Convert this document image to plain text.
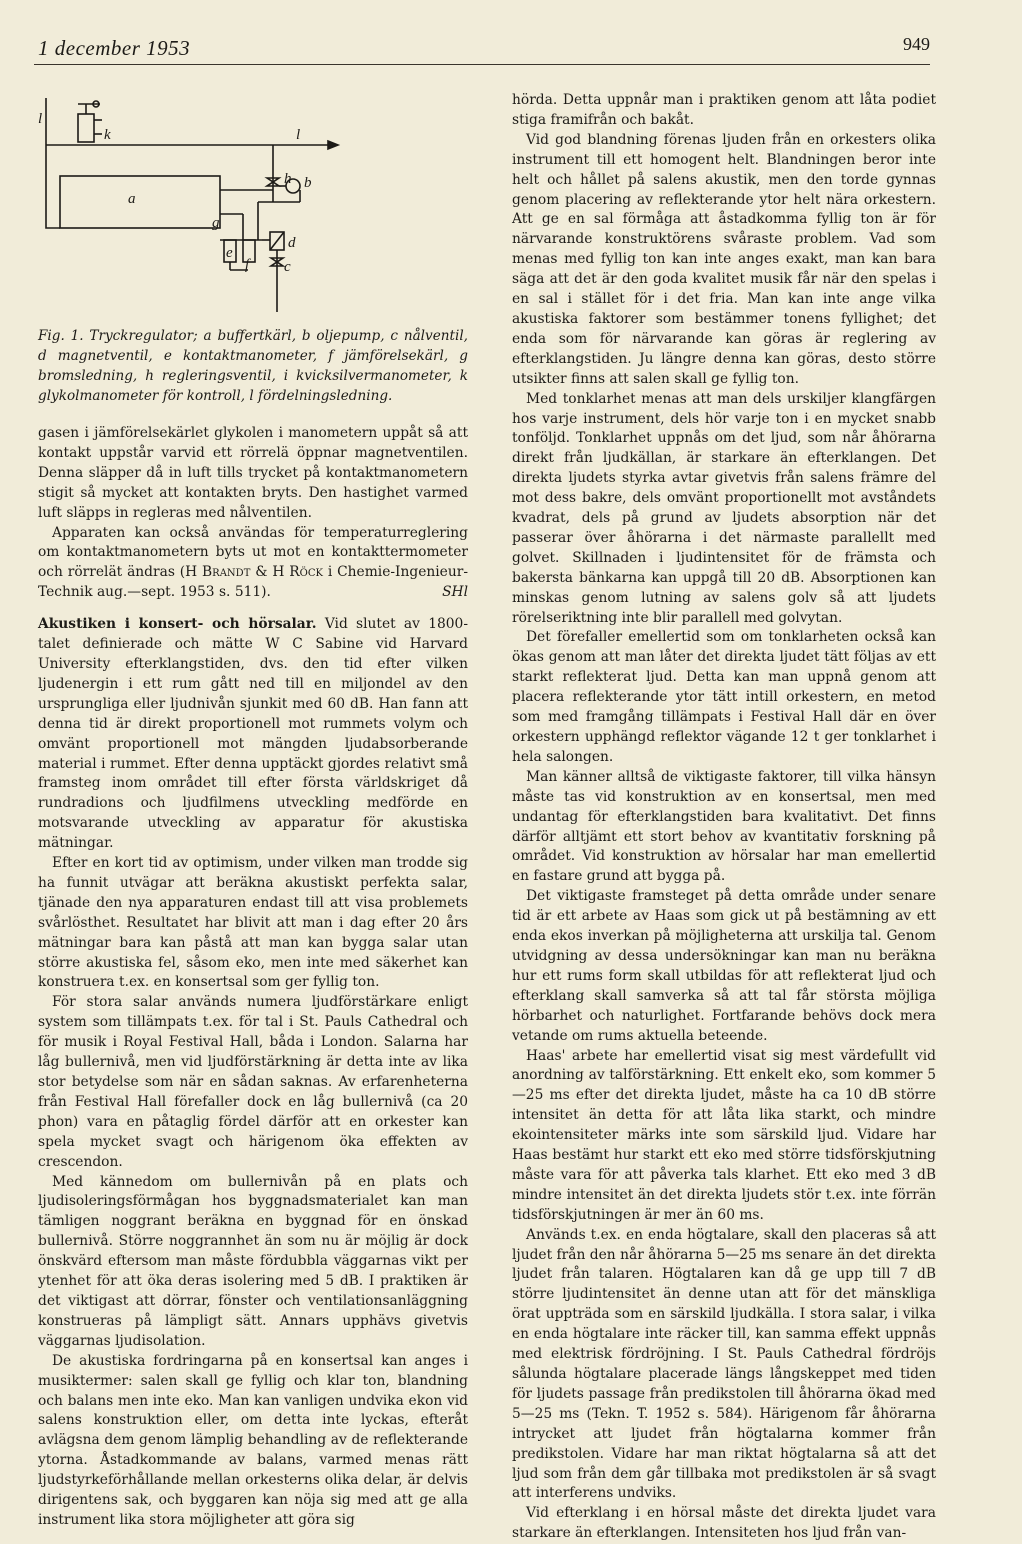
1 december 1953	949
l
k	l
a
h b
g
e
f
d
c

Fig. 1. Tryckregulator; a buffertkärl, b oljepump, c nålventil, d magnetventil, e kontaktmanometer, f jämförelsekärl, g bromsledning, h regleringsventil, i kvicksilvermanometer, k glykolmanometer för kontroll, l fördelningsledning.

gasen i jämförelsekärlet glykolen i manometern uppåt så att kontakt uppstår varvid ett rörrelä öppnar magnetventilen. Denna släpper då in luft tills trycket på kontaktmanometern stigit så mycket att kontakten bryts. Den hastighet varmed luft släpps in regleras med nålventilen.

Apparaten kan också användas för temperaturreglering om kontaktmanometern byts ut mot en kontakttermometer och rörrelät ändras (H Brandt & H Röck i Chemie-Ingenieur-Technik aug.—sept. 1953 s. 511).	SHl

Akustiken i konsert- och hörsalar. Vid slutet av 1800-talet definierade och mätte W C Sabine vid Harvard University efterklangstiden, dvs. den tid efter vilken ljudenergin i ett rum gått ned till en miljondel av den ursprungliga eller ljudnivån sjunkit med 60 dB. Han fann att denna tid är direkt proportionell mot rummets volym och omvänt proportionell mot mängden ljudabsorberande material i rummet. Efter denna upptäckt gjordes relativt små framsteg inom området till efter första världskriget då rundradions och ljudfilmens utveckling medförde en motsvarande utveckling av apparatur för akustiska mätningar.

Efter en kort tid av optimism, under vilken man trodde sig ha funnit utvägar att beräkna akustiskt perfekta salar, tjänade den nya apparaturen endast till att visa problemets svårlösthet. Resultatet har blivit att man i dag efter 20 års mätningar bara kan påstå att man kan bygga salar utan större akustiska fel, såsom eko, men inte med säkerhet kan konstruera t.ex. en konsertsal som ger fyllig ton.

För stora salar används numera ljudförstärkare enligt system som tillämpats t.ex. för tal i St. Pauls Cathedral och för musik i Royal Festival Hall, båda i London. Salarna har låg bullernivå, men vid ljudförstärkning är detta inte av lika stor betydelse som när en sådan saknas. Av erfarenheterna från Festival Hall förefaller dock en låg bullernivå (ca 20 phon) vara en påtaglig fördel därför att en orkester kan spela mycket svagt och härigenom öka effekten av crescendon.

Med kännedom om bullernivån på en plats och ljudisoleringsförmågan hos byggnadsmaterialet kan man tämligen noggrant beräkna en byggnad för en önskad bullernivå. Större noggrannhet än som nu är möjlig är dock önskvärd eftersom man måste fördubbla väggarnas vikt per ytenhet för att öka deras isolering med 5 dB. I praktiken är det viktigast att dörrar, fönster och ventilationsanläggning konstrueras på lämpligt sätt. Annars upphävs givetvis väggarnas ljudisolation.

De akustiska fordringarna på en konsertsal kan anges i musiktermer: salen skall ge fyllig och klar ton, blandning och balans men inte eko. Man kan vanligen undvika ekon vid salens konstruktion eller, om detta inte lyckas, efteråt avlägsna dem genom lämplig behandling av de reflekterande ytorna. Åstadkommande av balans, varmed menas rätt ljudstyrkeförhållande mellan orkesterns olika delar, är delvis dirigentens sak, och byggaren kan nöja sig med att ge alla instrument lika stora möjligheter att göra sig

hörda. Detta uppnår man i praktiken genom att låta podiet stiga framifrån och bakåt.

Vid god blandning förenas ljuden från en orkesters olika instrument till ett homogent helt. Blandningen beror inte helt och hållet på salens akustik, men den torde gynnas genom placering av reflekterande ytor helt nära orkestern. Att ge en sal förmåga att åstadkomma fyllig ton är för närvarande konstruktörens svåraste problem. Vad som menas med fyllig ton kan inte anges exakt, man kan bara säga att det är den goda kvalitet musik får när den spelas i en sal i stället för i det fria. Man kan inte ange vilka akustiska faktorer som bestämmer tonens fyllighet; det enda som för närvarande kan göras är reglering av efterklangstiden. Ju längre denna kan göras, desto större utsikter finns att salen skall ge fyllig ton.

Med tonklarhet menas att man dels urskiljer klangfärgen hos varje instrument, dels hör varje ton i en mycket snabb tonföljd. Tonklarhet uppnås om det ljud, som når åhörarna direkt från ljudkällan, är starkare än efterklangen. Det direkta ljudets styrka avtar givetvis från salens främre del mot dess bakre, dels omvänt proportionellt mot avståndets kvadrat, dels på grund av ljudets absorption när det passerar över åhörarna i det närmaste parallellt med golvet. Skillnaden i ljudintensitet för de främsta och bakersta bänkarna kan uppgå till 20 dB. Absorptionen kan minskas genom lutning av salens golv så att ljudets rörelseriktning inte blir parallell med golvytan.

Det förefaller emellertid som om tonklarheten också kan ökas genom att man låter det direkta ljudet tätt följas av ett starkt reflekterat ljud. Detta kan man uppnå genom att placera reflekterande ytor tätt intill orkestern, en metod som med framgång tillämpats i Festival Hall där en över orkestern upphängd reflektor vägande 12 t ger tonklarhet i hela salongen.

Man känner alltså de viktigaste faktorer, till vilka hänsyn måste tas vid konstruktion av en konsertsal, men med undantag för efterklangstiden bara kvalitativt. Det finns därför alltjämt ett stort behov av kvantitativ forskning på området. Vid konstruktion av hörsalar har man emellertid en fastare grund att bygga på.

Det viktigaste framsteget på detta område under senare tid är ett arbete av Haas som gick ut på bestämning av ett enda ekos inverkan på möjligheterna att urskilja tal. Genom utvidgning av dessa undersökningar kan man nu beräkna hur ett rums form skall utbildas för att reflekterat ljud och efterklang skall samverka så att tal får största möjliga hörbarhet och naturlighet. Fortfarande behövs dock mera vetande om rums aktuella beteende.

Haas' arbete har emellertid visat sig mest värdefullt vid anordning av talförstärkning. Ett enkelt eko, som kommer 5—25 ms efter det direkta ljudet, måste ha ca 10 dB större intensitet än detta för att låta lika starkt, och mindre ekointensiteter märks inte som särskild ljud. Vidare har Haas bestämt hur starkt ett eko med större tidsförskjutning måste vara för att påverka tals klarhet. Ett eko med 3 dB mindre intensitet än det direkta ljudets stör t.ex. inte förrän tidsförskjutningen är mer än 60 ms.

Används t.ex. en enda högtalare, skall den placeras så att ljudet från den når åhörarna 5—25 ms senare än det direkta ljudet från talaren. Högtalaren kan då ge upp till 7 dB större ljudintensitet än denne utan att för det mänskliga örat uppträda som en särskild ljudkälla. I stora salar, i vilka en enda högtalare inte räcker till, kan samma effekt uppnås med elektrisk fördröjning. I St. Pauls Cathedral fördröjs sålunda högtalare placerade längs långskeppet med tiden för ljudets passage från predikstolen till åhörarna ökad med 5—25 ms (Tekn. T. 1952 s. 584). Härigenom får åhörarna intrycket att ljudet från högtalarna kommer från predikstolen. Vidare har man riktat högtalarna så att det ljud som från dem går tillbaka mot predikstolen är så svagt att interferens undviks.

Vid efterklang i en hörsal måste det direkta ljudet vara starkare än efterklangen. Intensiteten hos ljud från van-
